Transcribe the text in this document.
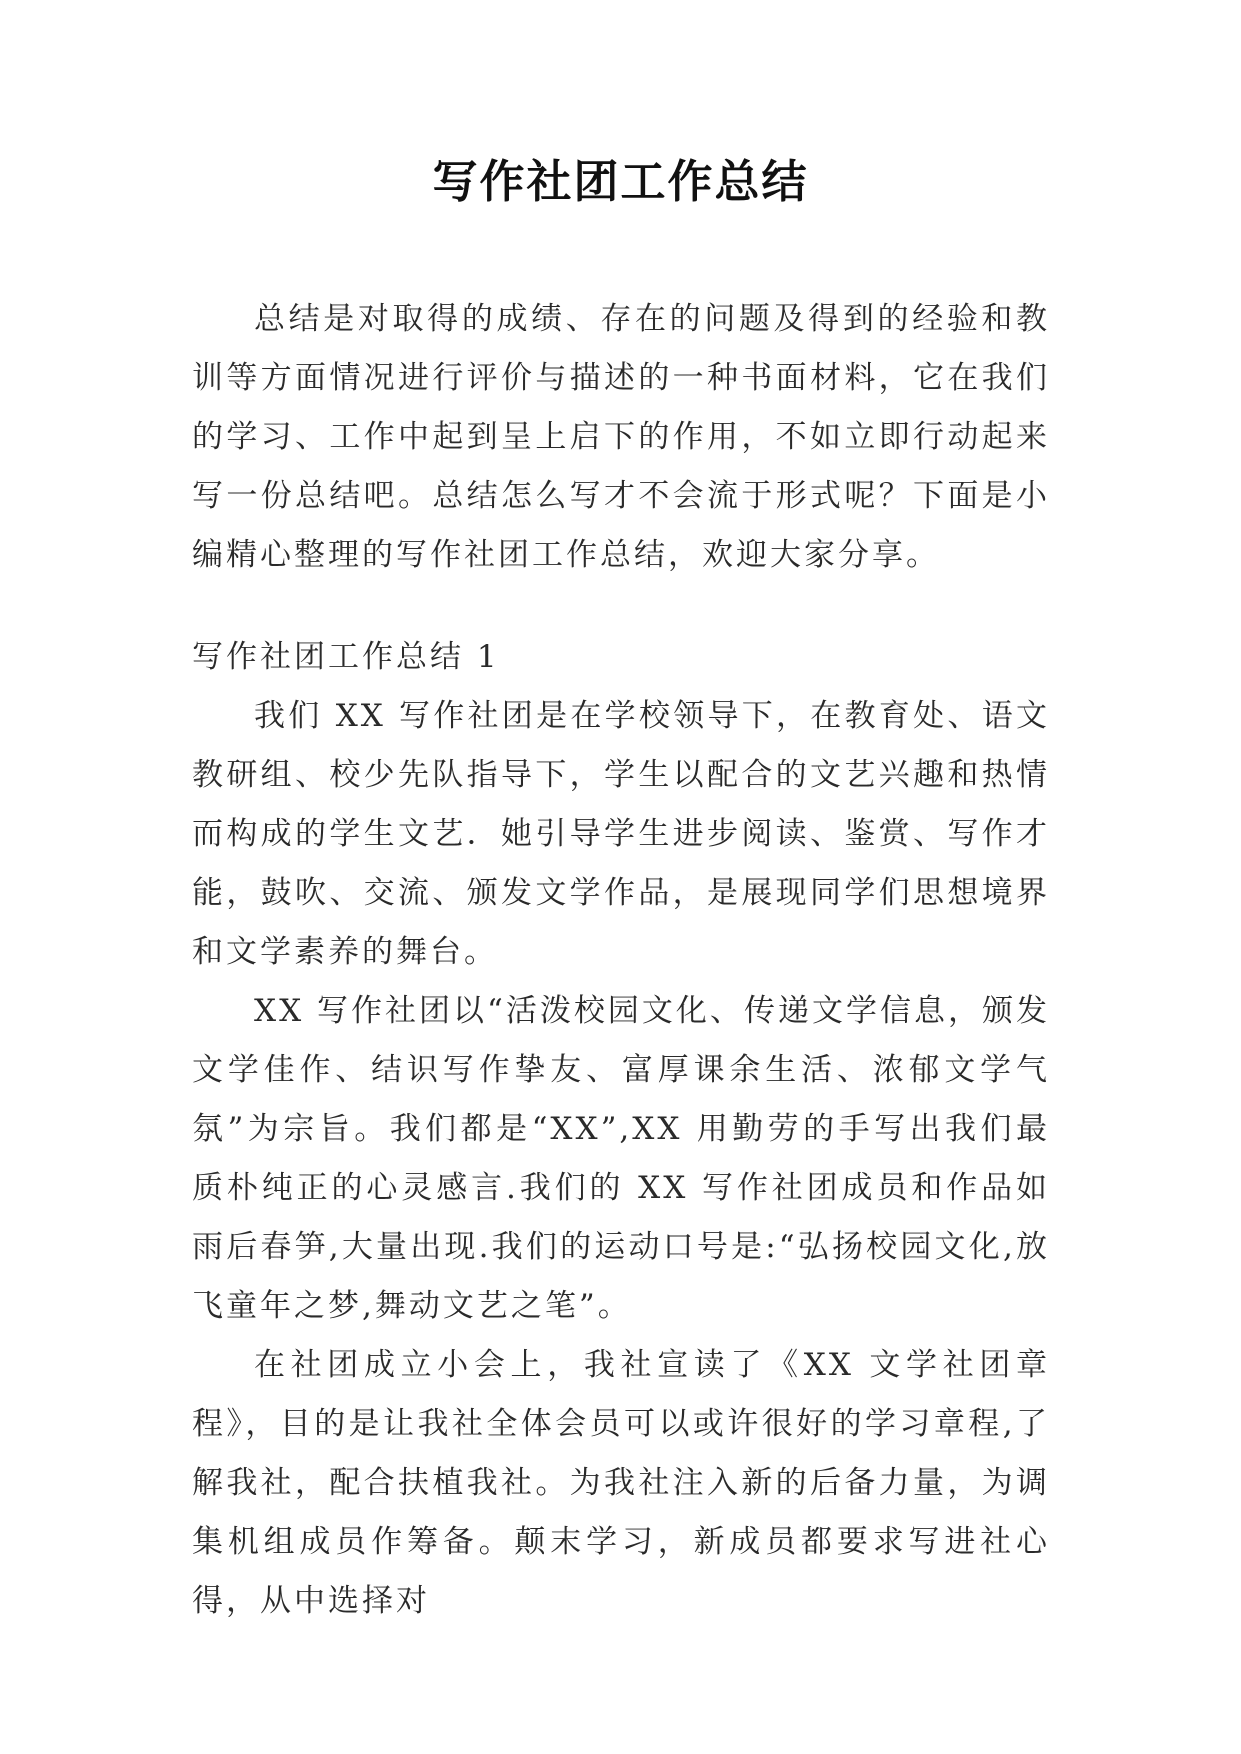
写作社团工作总结

总结是对取得的成绩、存在的问题及得到的经验和教训等方面情况进行评价与描述的一种书面材料，它在我们的学习、工作中起到呈上启下的作用，不如立即行动起来写一份总结吧。总结怎么写才不会流于形式呢？下面是小编精心整理的写作社团工作总结，欢迎大家分享。

写作社团工作总结 1

我们 XX 写作社团是在学校领导下，在教育处、语文教研组、校少先队指导下，学生以配合的文艺兴趣和热情而构成的学生文艺．她引导学生进步阅读、鉴赏、写作才能，鼓吹、交流、颁发文学作品，是展现同学们思想境界和文学素养的舞台。

XX 写作社团以“活泼校园文化、传递文学信息，颁发文学佳作、结识写作挚友、富厚课余生活、浓郁文学气氛”为宗旨。我们都是“XX”,XX 用勤劳的手写出我们最质朴纯正的心灵感言.我们的 XX 写作社团成员和作品如雨后春笋,大量出现.我们的运动口号是:“弘扬校园文化,放飞童年之梦,舞动文艺之笔”。

在社团成立小会上，我社宣读了《XX 文学社团章程》，目的是让我社全体会员可以或许很好的学习章程,了解我社，配合扶植我社。为我社注入新的后备力量，为调集机组成员作筹备。颠末学习，新成员都要求写进社心得，从中选择对
